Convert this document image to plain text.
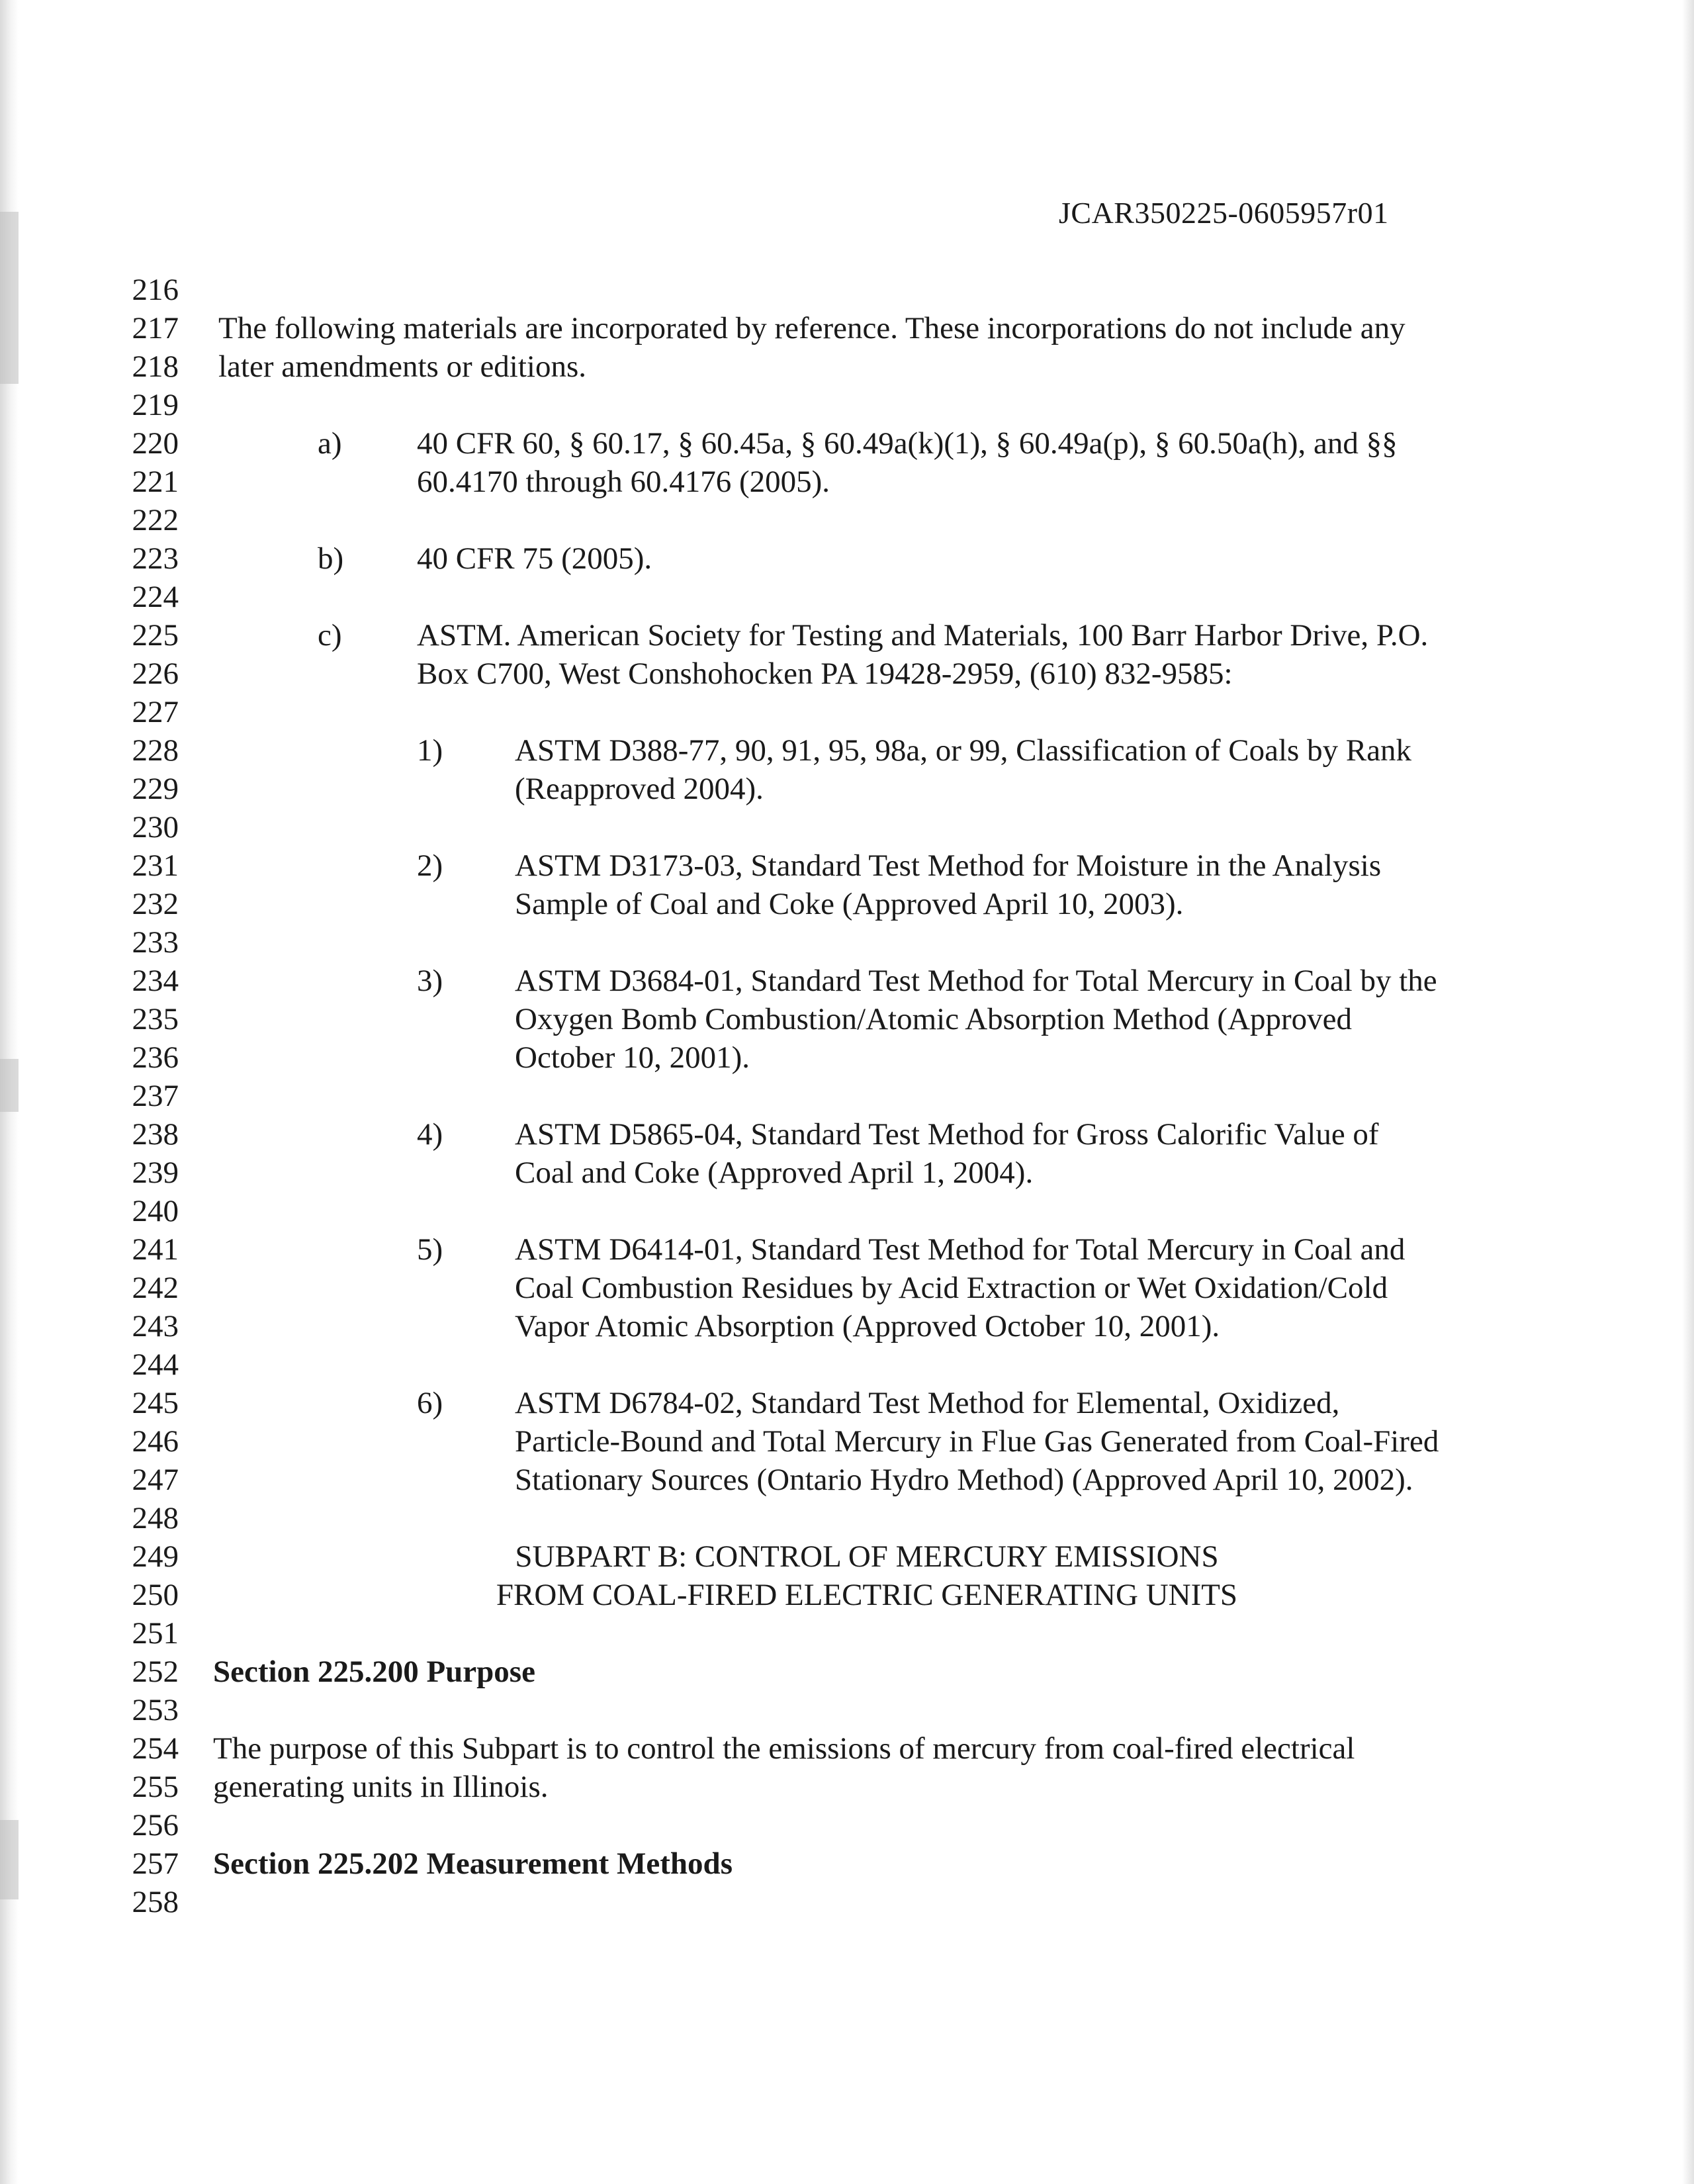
JCAR350225-0605957r01
216
217
218
219
220
221
222
223
224
225
226
227
228
229
230
231
232
233
234
235
236
237
238
239
240
241
242
243
244
245
246
247
248
249
250
251
252
253
254
255
256
257
258
The following materials are incorporated by reference. These incorporations do not include any
later amendments or editions.
a) 40 CFR 60, § 60.17, § 60.45a, § 60.49a(k)(1), § 60.49a(p), § 60.50a(h), and §§
60.4170 through 60.4176 (2005).
b) 40 CFR 75 (2005).
c) ASTM. American Society for Testing and Materials, 100 Barr Harbor Drive, P.O.
Box C700, West Conshohocken PA 19428-2959, (610) 832-9585:
1) ASTM D388-77, 90, 91, 95, 98a, or 99, Classification of Coals by Rank
(Reapproved 2004).
2) ASTM D3173-03, Standard Test Method for Moisture in the Analysis
Sample of Coal and Coke (Approved April 10, 2003).
3) ASTM D3684-01, Standard Test Method for Total Mercury in Coal by the
Oxygen Bomb Combustion/Atomic Absorption Method (Approved
October 10, 2001).
4) ASTM D5865-04, Standard Test Method for Gross Calorific Value of
Coal and Coke (Approved April 1, 2004).
5) ASTM D6414-01, Standard Test Method for Total Mercury in Coal and
Coal Combustion Residues by Acid Extraction or Wet Oxidation/Cold
Vapor Atomic Absorption (Approved October 10, 2001).
6) ASTM D6784-02, Standard Test Method for Elemental, Oxidized,
Particle-Bound and Total Mercury in Flue Gas Generated from Coal-Fired
Stationary Sources (Ontario Hydro Method) (Approved April 10, 2002).
SUBPART B: CONTROL OF MERCURY EMISSIONS
FROM COAL-FIRED ELECTRIC GENERATING UNITS
Section 225.200 Purpose
The purpose of this Subpart is to control the emissions of mercury from coal-fired electrical
generating units in Illinois.
Section 225.202 Measurement Methods
